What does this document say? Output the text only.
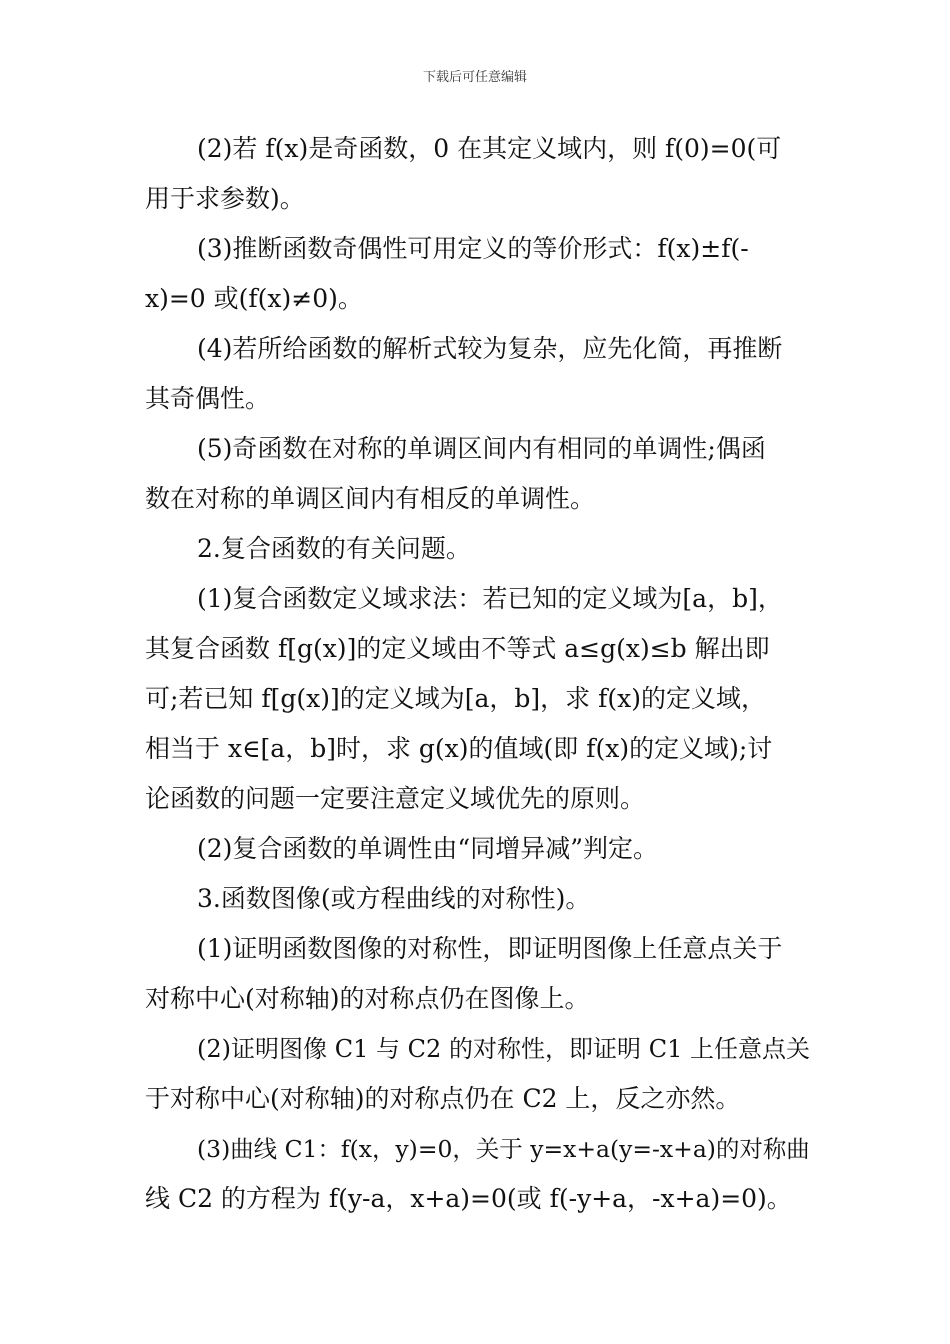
下载后可任意编辑
(2)若 f(x)是奇函数，0 在其定义域内，则 f(0)=0(可
用于求参数)。
(3)推断函数奇偶性可用定义的等价形式：f(x)±f(-
x)=0 或(f(x)≠0)。
(4)若所给函数的解析式较为复杂，应先化简，再推断
其奇偶性。
(5)奇函数在对称的单调区间内有相同的单调性;偶函
数在对称的单调区间内有相反的单调性。
2.复合函数的有关问题。
(1)复合函数定义域求法：若已知的定义域为[a，b]，
其复合函数 f[g(x)]的定义域由不等式 a≤g(x)≤b 解出即
可;若已知 f[g(x)]的定义域为[a，b]，求 f(x)的定义域，
相当于 x∈[a，b]时，求 g(x)的值域(即 f(x)的定义域);讨
论函数的问题一定要注意定义域优先的原则。
(2)复合函数的单调性由“同增异减”判定。
3.函数图像(或方程曲线的对称性)。
(1)证明函数图像的对称性，即证明图像上任意点关于
对称中心(对称轴)的对称点仍在图像上。
(2)证明图像 C1 与 C2 的对称性，即证明 C1 上任意点关
于对称中心(对称轴)的对称点仍在 C2 上，反之亦然。
(3)曲线 C1：f(x，y)=0，关于 y=x+a(y=-x+a)的对称曲
线 C2 的方程为 f(y-a，x+a)=0(或 f(-y+a，-x+a)=0)。
